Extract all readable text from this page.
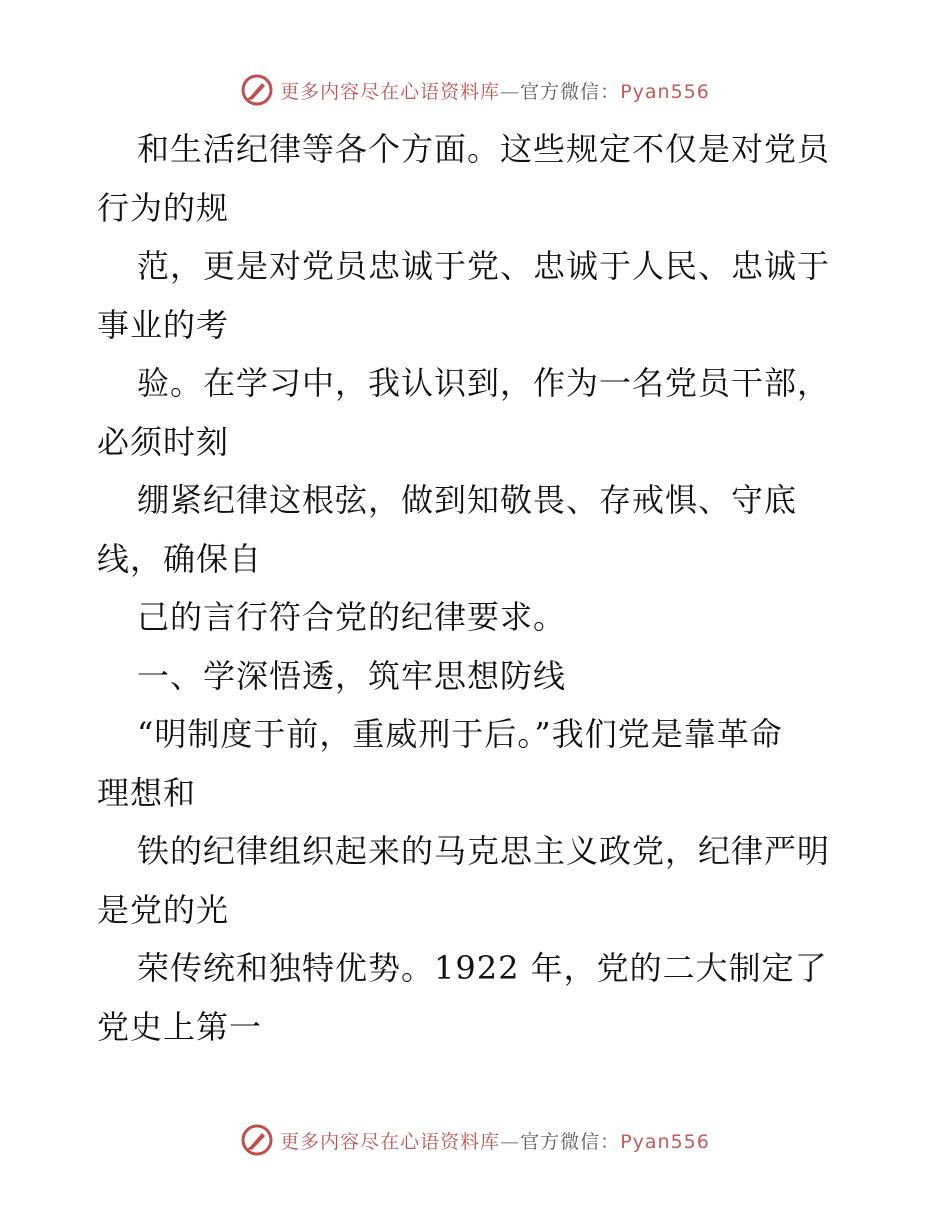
更多内容尽在心语资料库—官方微信：Pyan556
和生活纪律等各个方面。这些规定不仅是对党员
行为的规
范，更是对党员忠诚于党、忠诚于人民、忠诚于
事业的考
验。在学习中，我认识到，作为一名党员干部，
必须时刻
绷紧纪律这根弦，做到知敬畏、存戒惧、守底
线，确保自
己的言行符合党的纪律要求。
一、学深悟透，筑牢思想防线
“明制度于前，重威刑于后。”我们党是靠革命
理想和
铁的纪律组织起来的马克思主义政党，纪律严明
是党的光
荣传统和独特优势。1922 年，党的二大制定了
党史上第一
更多内容尽在心语资料库—官方微信：Pyan556
